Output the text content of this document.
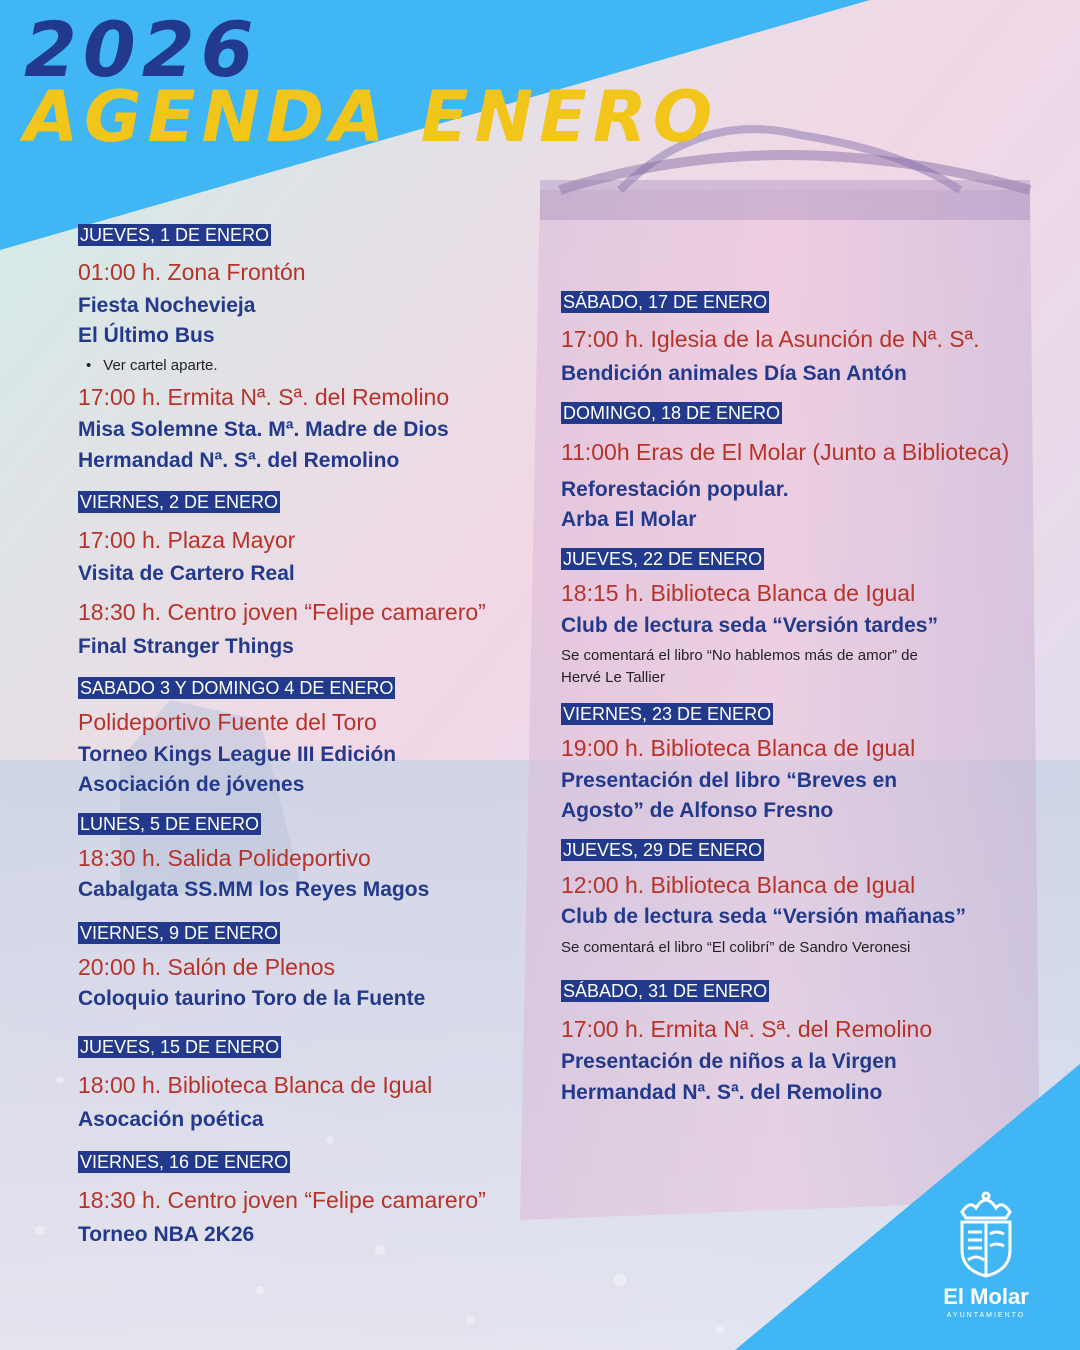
2026
AGENDA ENERO
JUEVES, 1 DE ENERO
01:00 h. Zona Frontón
Fiesta Nochevieja
El Último Bus
• Ver cartel aparte.
17:00 h. Ermita Nª. Sª. del Remolino
Misa Solemne Sta. Mª. Madre de Dios
Hermandad Nª. Sª. del Remolino
VIERNES, 2 DE ENERO
17:00 h. Plaza Mayor
Visita de Cartero Real
18:30 h. Centro joven “Felipe camarero”
Final Stranger Things
SABADO 3 Y DOMINGO 4 DE ENERO
Polideportivo Fuente del Toro
Torneo Kings League III Edición
Asociación de jóvenes
LUNES, 5 DE ENERO
18:30 h. Salida Polideportivo
Cabalgata SS.MM los Reyes Magos
VIERNES, 9 DE ENERO
20:00 h. Salón de Plenos
Coloquio taurino Toro de la Fuente
JUEVES, 15 DE ENERO
18:00 h. Biblioteca Blanca de Igual
Asocación poética
VIERNES, 16 DE ENERO
18:30 h. Centro joven “Felipe camarero”
Torneo NBA 2K26
SÁBADO, 17 DE ENERO
17:00 h. Iglesia de la Asunción de Nª. Sª.
Bendición animales Día San Antón
DOMINGO, 18 DE ENERO
11:00h Eras de El Molar (Junto a Biblioteca)
Reforestación popular.
Arba El Molar
JUEVES, 22 DE ENERO
18:15 h. Biblioteca Blanca de Igual
Club de lectura seda “Versión tardes”
Se comentará el libro “No hablemos más de amor” de
Hervé Le Tallier
VIERNES, 23 DE ENERO
19:00 h. Biblioteca Blanca de Igual
Presentación del libro “Breves en
Agosto” de Alfonso Fresno
JUEVES, 29 DE ENERO
12:00 h. Biblioteca Blanca de Igual
Club de lectura seda “Versión mañanas”
Se comentará el libro “El colibrí” de Sandro Veronesi
SÁBADO, 31 DE ENERO
17:00 h. Ermita Nª. Sª. del Remolino
Presentación de niños a la Virgen
Hermandad Nª. Sª. del Remolino
El Molar
AYUNTAMIENTO
